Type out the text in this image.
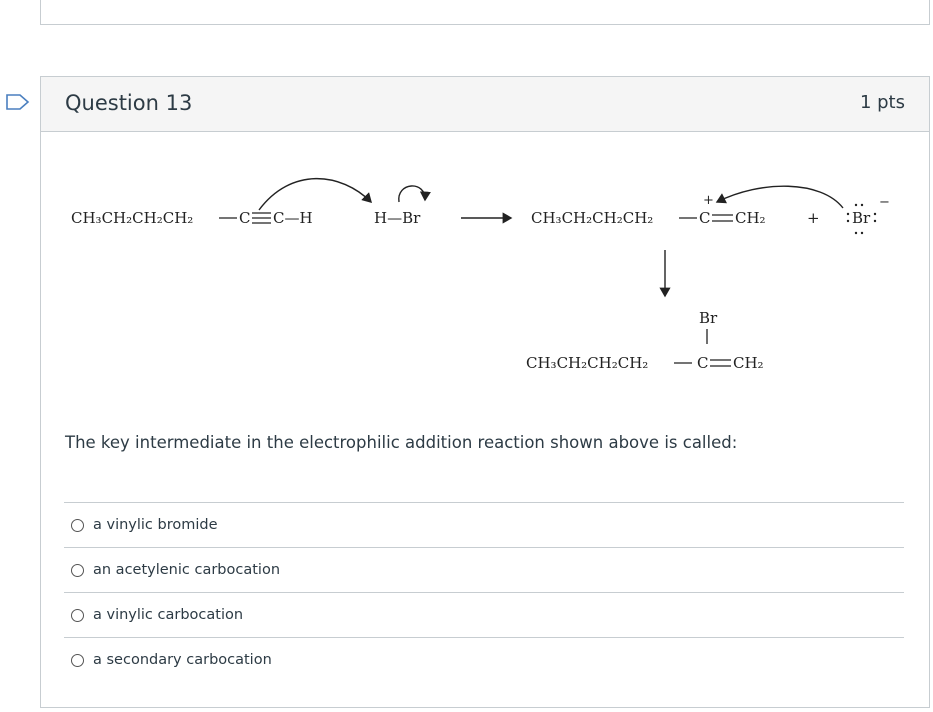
Question 13	1 pts
CH₃CH₂CH₂CH₂	C C—H	H—Br	CH₃CH₂CH₂CH₂	C
+
CH₂	+ Br
−
Br
CH₃CH₂CH₂CH₂	C CH₂
The key intermediate in the electrophilic addition reaction shown above is called:
a vinylic bromide
an acetylenic carbocation
a vinylic carbocation
a secondary carbocation
